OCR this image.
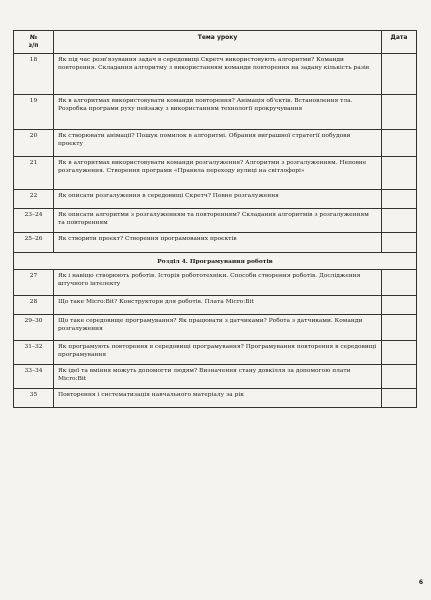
№
з/п	Тема уроку	Дата
18	Як під час розв'язування задач в середовищі Скретч використовують алгоритми? Команди повторення. Складання алгоритму з використанням команди повторення на задану кількість разів	
19	Як в алгоритмах використовувати команди повторення? Анімація об'єктів. Встановлення тла. Розробка програми руху пейзажу з використанням технології прокручування	
20	Як створювати анімації? Пошук помилок в алгоритмі. Обрання виграшної стратегії побудови проєкту	
21	Як в алгоритмах використовувати команди розгалуження? Алгоритми з розгалуженням. Неповне розгалуження. Створення програми «Правила переходу вулиці на світлофорі»	
22	Як описати розгалуження в середовищі Скретч? Повне розгалуження	
23–24	Як описати алгоритми з розгалуженням та повторенням? Складання алгоритмів з розгалуженням та повторенням	
25–26	Як створити проєкт? Створення програмованих проєктів	
Розділ 4. Програмування роботів		
27	Як і навіщо створюють роботів. Історія робототехніки. Способи створення роботів. Дослідження штучного інтелекту	
28	Що таке Micro:Bit? Конструктори для роботів. Плата Micro:Bit	
29–30	Що таке середовище програмування? Як працювати з датчиками? Робота з датчиками. Команди розгалуження	
31–32	Як програмують повторення в середовищі програмування? Програмування повторення в середовищі програмування	
33–34	Як ідеї та вміння можуть допомогти людям? Визначення стану довкілля за допомогою плати Micro:Bit	
35	Повторення і систематизація навчального матеріалу за рік	
6
